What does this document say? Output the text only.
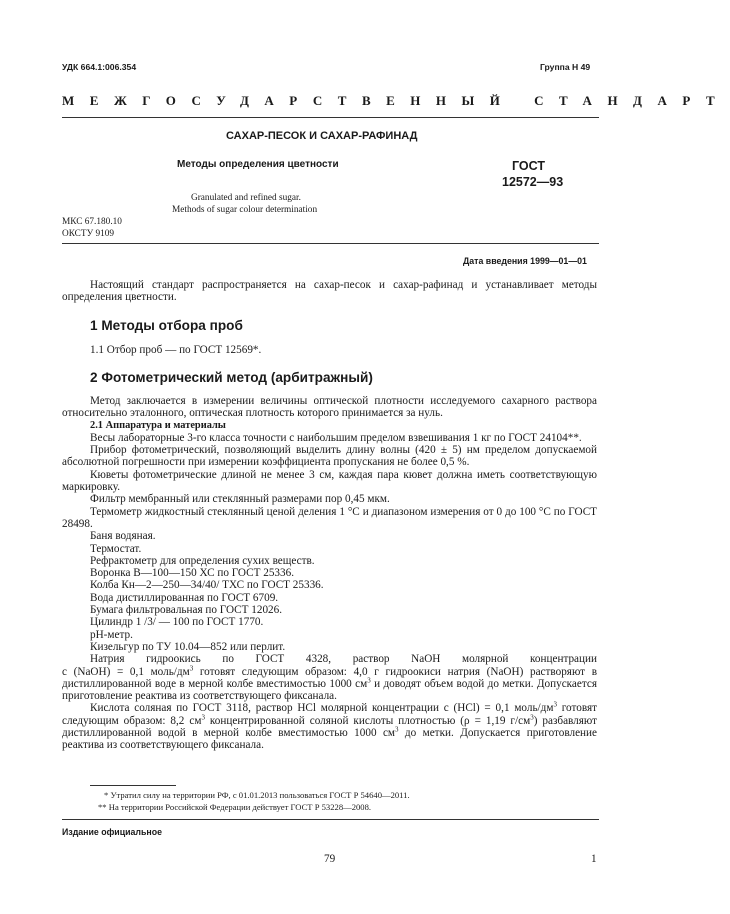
УДК 664.1:006.354	Группа Н 49
МЕЖГОСУДАРСТВЕННЫЙ СТАНДАРТ
САХАР-ПЕСОК И САХАР-РАФИНАД
Методы определения цветности	ГОСТ
12572—93
Granulated and refined sugar.
Methods of sugar colour determination
МКС 67.180.10
ОКСТУ 9109
Дата введения 1999—01—01

Настоящий стандарт распространяется на сахар-песок и сахар-рафинад и устанавливает методы определения цветности.

1 Методы отбора проб
1.1 Отбор проб — по ГОСТ 12569*.
2 Фотометрический метод (арбитражный)

Метод заключается в измерении величины оптической плотности исследуемого сахарного раствора относительно эталонного, оптическая плотность которого принимается за нуль.

2.1 Аппаратура и материалы

Весы лабораторные 3-го класса точности с наибольшим пределом взвешивания 1 кг по ГОСТ 24104**.

Прибор фотометрический, позволяющий выделить длину волны (420 ± 5) нм пределом допускаемой абсолютной погрешности при измерении коэффициента пропускания не более 0,5 %.

Кюветы фотометрические длиной не менее 3 см, каждая пара кювет должна иметь соответствующую маркировку.

Фильтр мембранный или стеклянный размерами пор 0,45 мкм.

Термометр жидкостный стеклянный ценой деления 1 °С и диапазоном измерения от 0 до 100 °С по ГОСТ 28498.

Баня водяная.

Термостат.

Рефрактометр для определения сухих веществ.

Воронка В—100—150 ХС по ГОСТ 25336.

Колба Кн—2—250—34/40/ ТХС по ГОСТ 25336.

Вода дистиллированная по ГОСТ 6709.

Бумага фильтровальная по ГОСТ 12026.

Цилиндр 1 /3/ — 100 по ГОСТ 1770.

рН-метр.

Кизельгур по ТУ 10.04—852 или перлит.

Натрия гидроокись по ГОСТ 4328, раствор NaOH молярной концентрации

с (NaOH) = 0,1 моль/$дм^3$ готовят следующим образом: 4,0 г гидроокиси натрия (NaOH) растворяют в дистиллированной воде в мерной колбе вместимостью 1000 $см^3$ и доводят объем водой до метки. Допускается приготовление реактива из соответствующего фиксанала.

Кислота соляная по ГОСТ 3118, раствор HCl молярной концентрации с (HCl) = 0,1 моль/$дм^3$ готовят следующим образом: 8,2 $см^3$ концентрированной соляной кислоты плотностью (ρ = 1,19 $г/см^3$) разбавляют дистиллированной водой в мерной колбе вместимостью 1000 $см^3$ до метки. Допускается приготовление реактива из соответствующего фиксанала.

* Утратил силу на территории РФ, с 01.01.2013 пользоваться ГОСТ Р 54640—2011.
** На территории Российской Федерации действует ГОСТ Р 53228—2008.
Издание официальное
79	1
